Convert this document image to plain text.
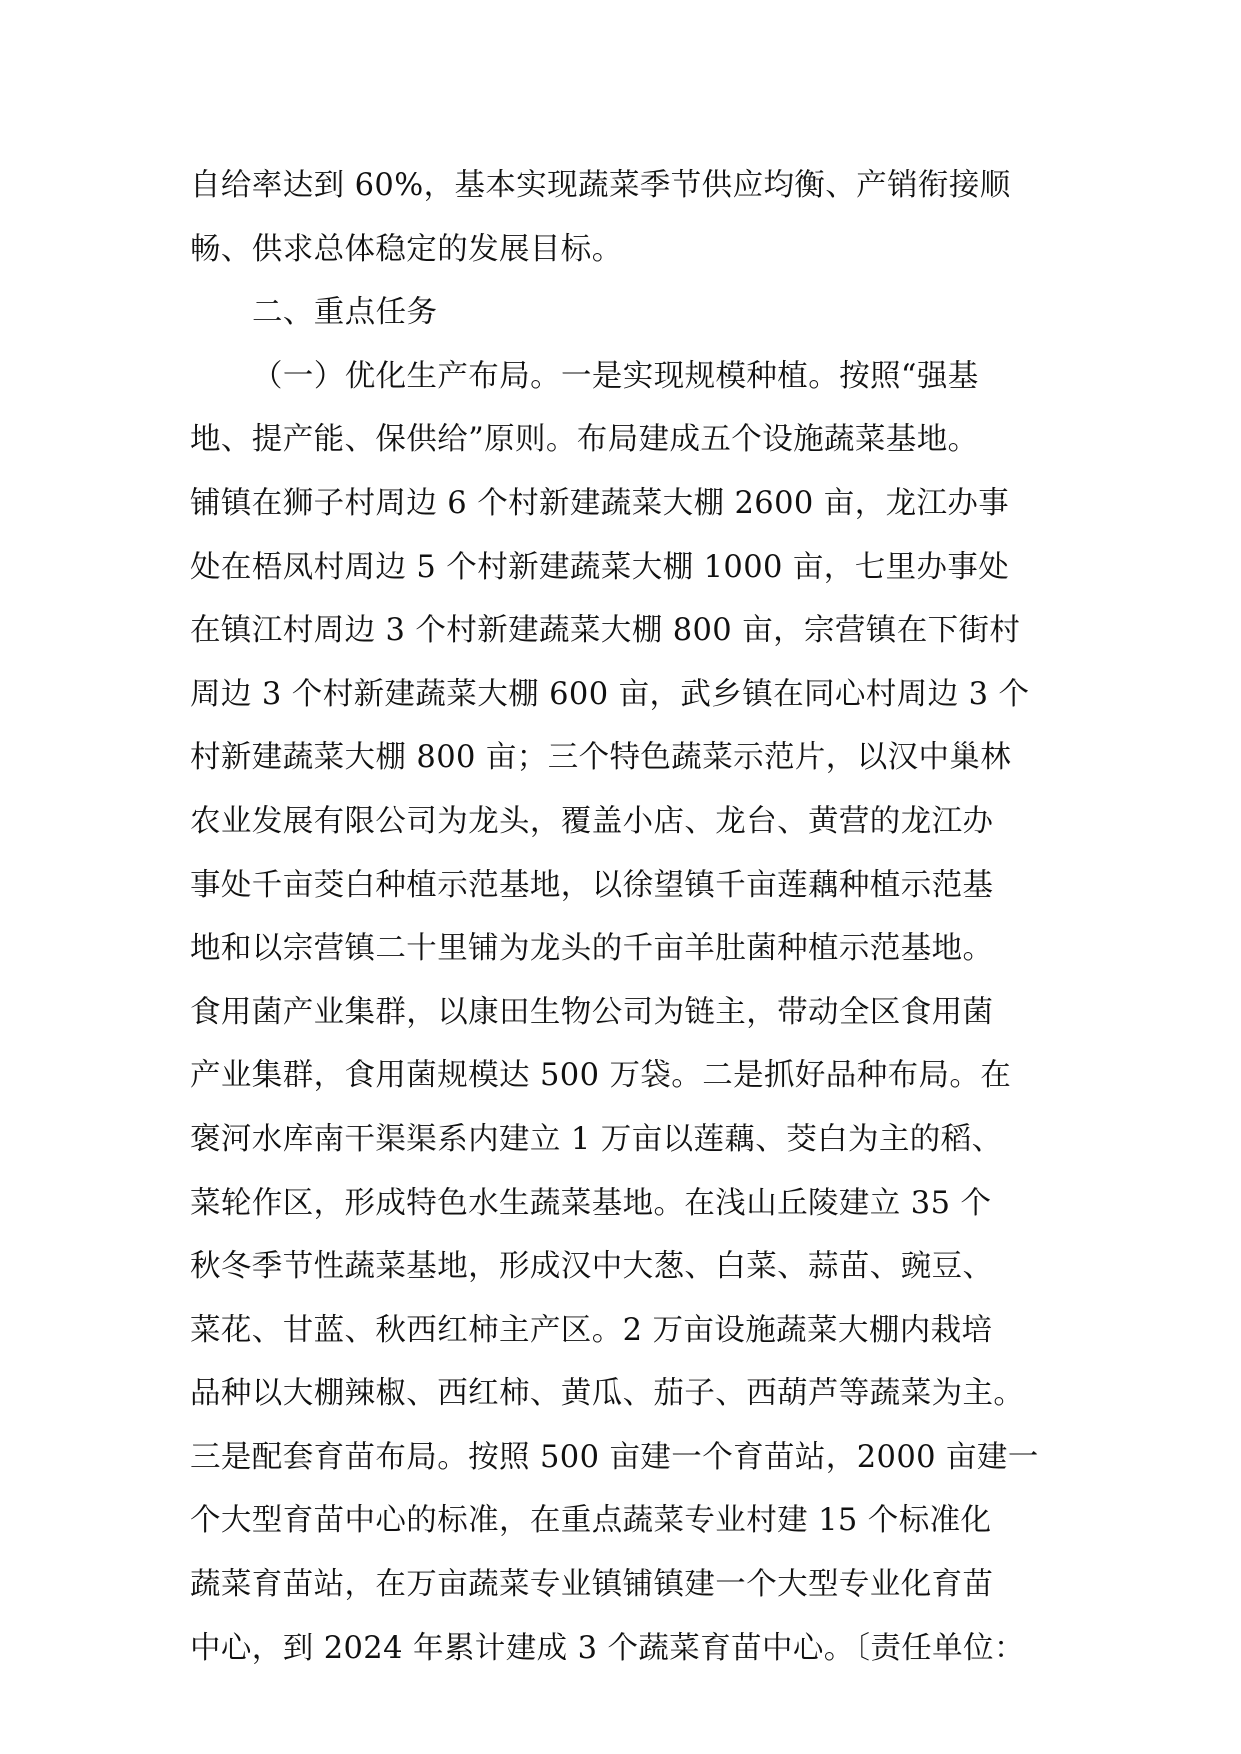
自给率达到 60%，基本实现蔬菜季节供应均衡、产销衔接顺
畅、供求总体稳定的发展目标。
二、重点任务
（一）优化生产布局。一是实现规模种植。按照“强基
地、提产能、保供给”原则。布局建成五个设施蔬菜基地。
铺镇在狮子村周边 6 个村新建蔬菜大棚 2600 亩，龙江办事
处在梧凤村周边 5 个村新建蔬菜大棚 1000 亩，七里办事处
在镇江村周边 3 个村新建蔬菜大棚 800 亩，宗营镇在下街村
周边 3 个村新建蔬菜大棚 600 亩，武乡镇在同心村周边 3 个
村新建蔬菜大棚 800 亩；三个特色蔬菜示范片，以汉中巢林
农业发展有限公司为龙头，覆盖小店、龙台、黄营的龙江办
事处千亩茭白种植示范基地，以徐望镇千亩莲藕种植示范基
地和以宗营镇二十里铺为龙头的千亩羊肚菌种植示范基地。
食用菌产业集群，以康田生物公司为链主，带动全区食用菌
产业集群，食用菌规模达 500 万袋。二是抓好品种布局。在
褒河水库南干渠渠系内建立 1 万亩以莲藕、茭白为主的稻、
菜轮作区，形成特色水生蔬菜基地。在浅山丘陵建立 35 个
秋冬季节性蔬菜基地，形成汉中大葱、白菜、蒜苗、豌豆、
菜花、甘蓝、秋西红柿主产区。2 万亩设施蔬菜大棚内栽培
品种以大棚辣椒、西红柿、黄瓜、茄子、西葫芦等蔬菜为主。
三是配套育苗布局。按照 500 亩建一个育苗站，2000 亩建一
个大型育苗中心的标准，在重点蔬菜专业村建 15 个标准化
蔬菜育苗站，在万亩蔬菜专业镇铺镇建一个大型专业化育苗
中心，到 2024 年累计建成 3 个蔬菜育苗中心。〔责任单位：
